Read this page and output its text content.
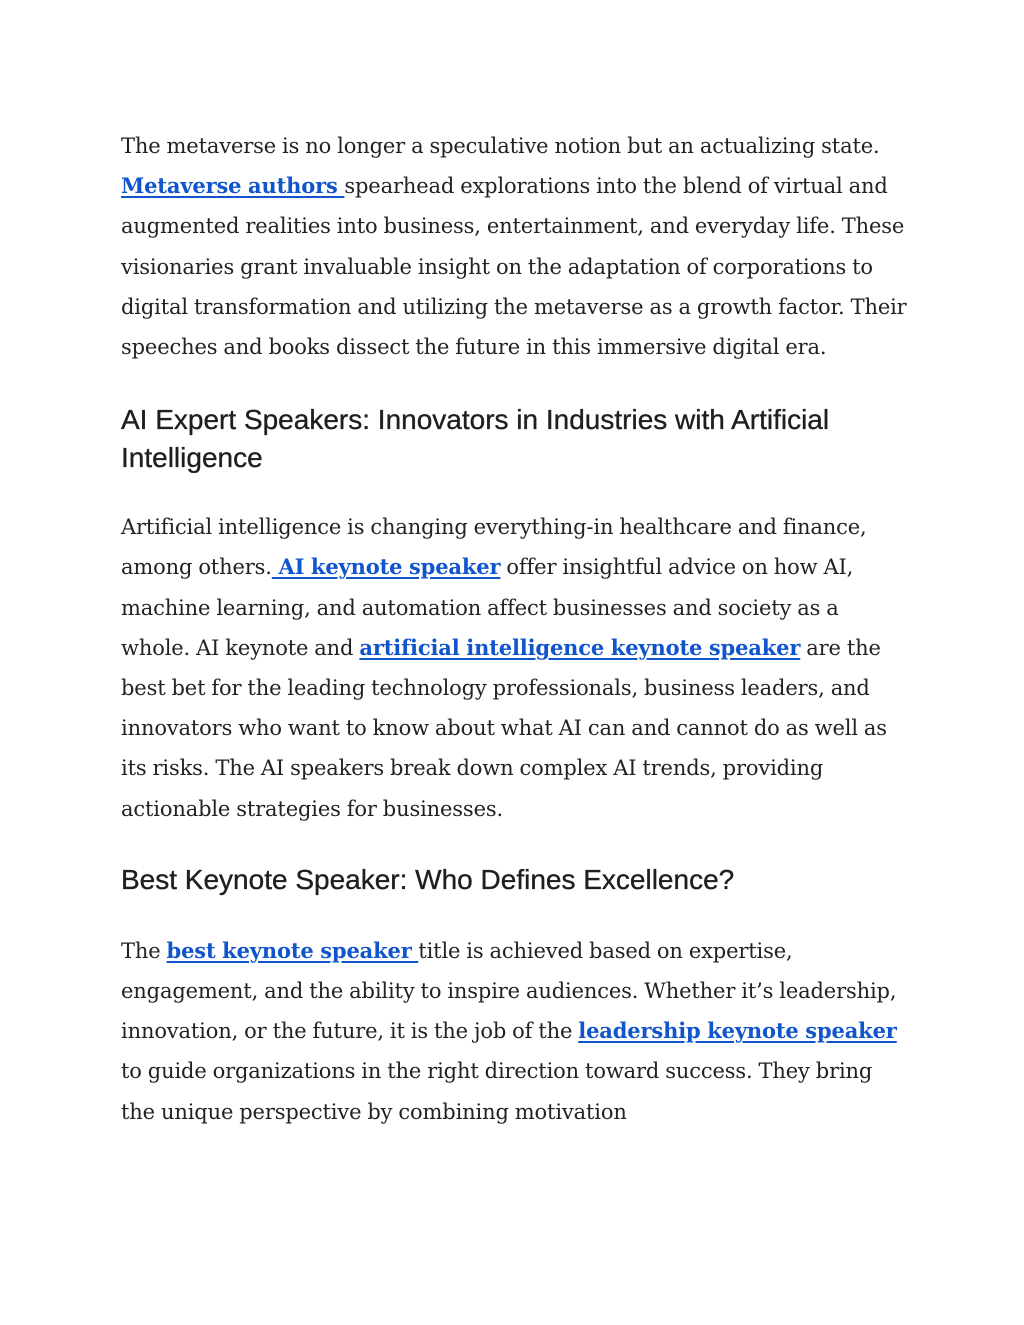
The metaverse is no longer a speculative notion but an actualizing state. Metaverse authors spearhead explorations into the blend of virtual and augmented realities into business, entertainment, and everyday life. These visionaries grant invaluable insight on the adaptation of corporations to digital transformation and utilizing the metaverse as a growth factor. Their speeches and books dissect the future in this immersive digital era.

AI Expert Speakers: Innovators in Industries with Artificial Intelligence

Artificial intelligence is changing everything-in healthcare and finance, among others. AI keynote speaker offer insightful advice on how AI, machine learning, and automation affect businesses and society as a whole. AI keynote and artificial intelligence keynote speaker are the best bet for the leading technology professionals, business leaders, and innovators who want to know about what AI can and cannot do as well as its risks. The AI speakers break down complex AI trends, providing actionable strategies for businesses.

Best Keynote Speaker: Who Defines Excellence?

The best keynote speaker title is achieved based on expertise, engagement, and the ability to inspire audiences. Whether it’s leadership, innovation, or the future, it is the job of the leadership keynote speaker to guide organizations in the right direction toward success. They bring the unique perspective by combining motivation
